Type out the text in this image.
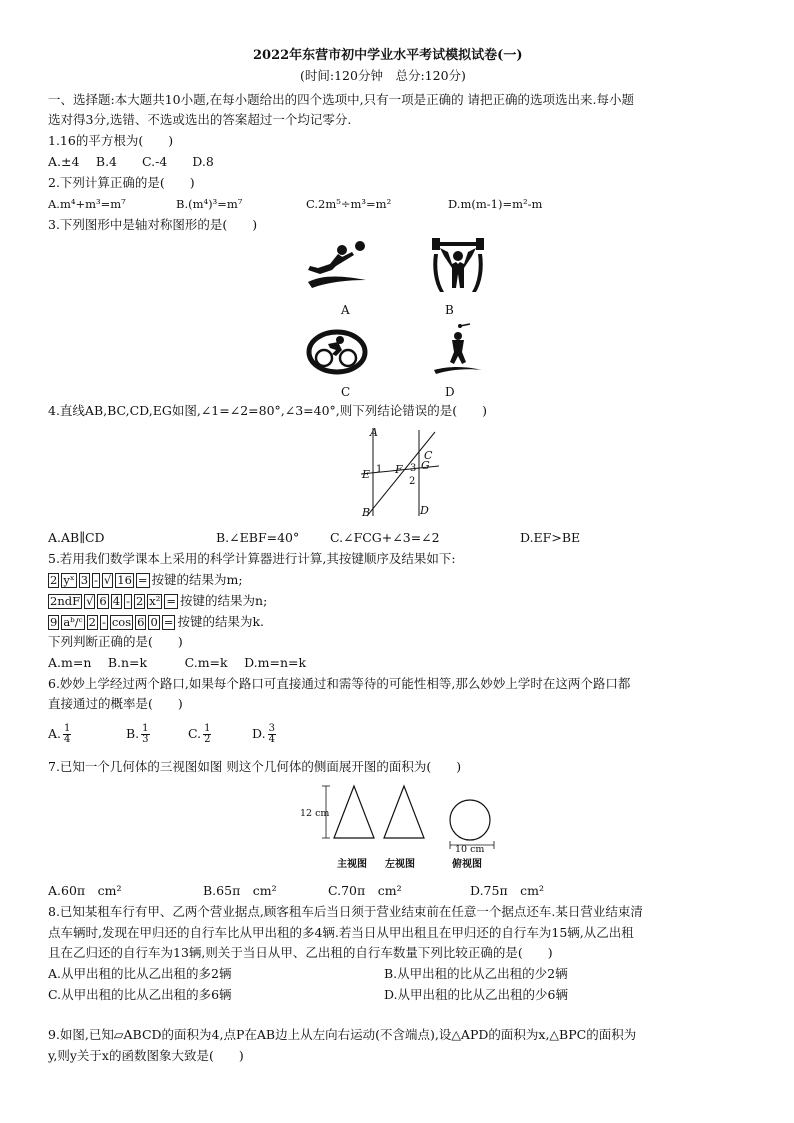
2022年东营市初中学业水平考试模拟试卷(一)
(时间:120分钟　总分:120分)
一、选择题:本大题共10小题,在每小题给出的四个选项中,只有一项是正确的 请把正确的选项选出来.每小题
选对得3分,选错、不选或选出的答案超过一个均记零分.
1.16的平方根为(　　)
A.±4　 B.4　　C.-4　　D.8
2.下列计算正确的是(　　)
A.m⁴+m³=m⁷	B.(m⁴)³=m⁷	C.2m⁵÷m³=m²	D.m(m-1)=m²-m
3.下列图形中是轴对称图形的是(　　)
A	B
C	D
4.直线AB,BC,CD,EG如图,∠1=∠2=80°,∠3=40°,则下列结论错误的是(　　)
A
B
C
D
E F G
1
2
3
A.AB∥CD	B.∠EBF=40° C.∠FCG+∠3=∠2	D.EF>BE
5.若用我们数学课本上采用的科学计算器进行计算,其按键顺序及结果如下:
2 yˣ 3 - √ 16 = 按键的结果为m;
2ndF √ 6 4 - 2 x² = 按键的结果为n;
9 aᵇ/ᶜ 2 - cos 6 0 = 按键的结果为k.
下列判断正确的是(　　)
A.m=n　 B.n=k　　　C.m=k　 D.m=n=k
6.妙妙上学经过两个路口,如果每个路口可直接通过和需等待的可能性相等,那么妙妙上学时在这两个路口都
直接通过的概率是(　　)
A. $\frac{1}{4}$	B. $\frac{1}{3}$	C. $\frac{1}{2}$	D. $\frac{3}{4}$
7.已知一个几何体的三视图如图 则这个几何体的侧面展开图的面积为(　　)
12 cm
10 cm
主视图 左视图	俯视图
A.60π　cm²	B.65π　cm²	C.70π　cm²	D.75π　cm²
8.已知某租车行有甲、乙两个营业据点,顾客租车后当日须于营业结束前在任意一个据点还车.某日营业结束清
点车辆时,发现在甲归还的自行车比从甲出租的多4辆.若当日从甲出租且在甲归还的自行车为15辆,从乙出租
且在乙归还的自行车为13辆,则关于当日从甲、乙出租的自行车数量下列比较正确的是(　　)
A.从甲出租的比从乙出租的多2辆	B.从甲出租的比从乙出租的少2辆
C.从甲出租的比从乙出租的多6辆	D.从甲出租的比从乙出租的少6辆
9.如图,已知▱ABCD的面积为4,点P在AB边上从左向右运动(不含端点),设△APD的面积为x,△BPC的面积为
y,则y关于x的函数图象大致是(　　)
